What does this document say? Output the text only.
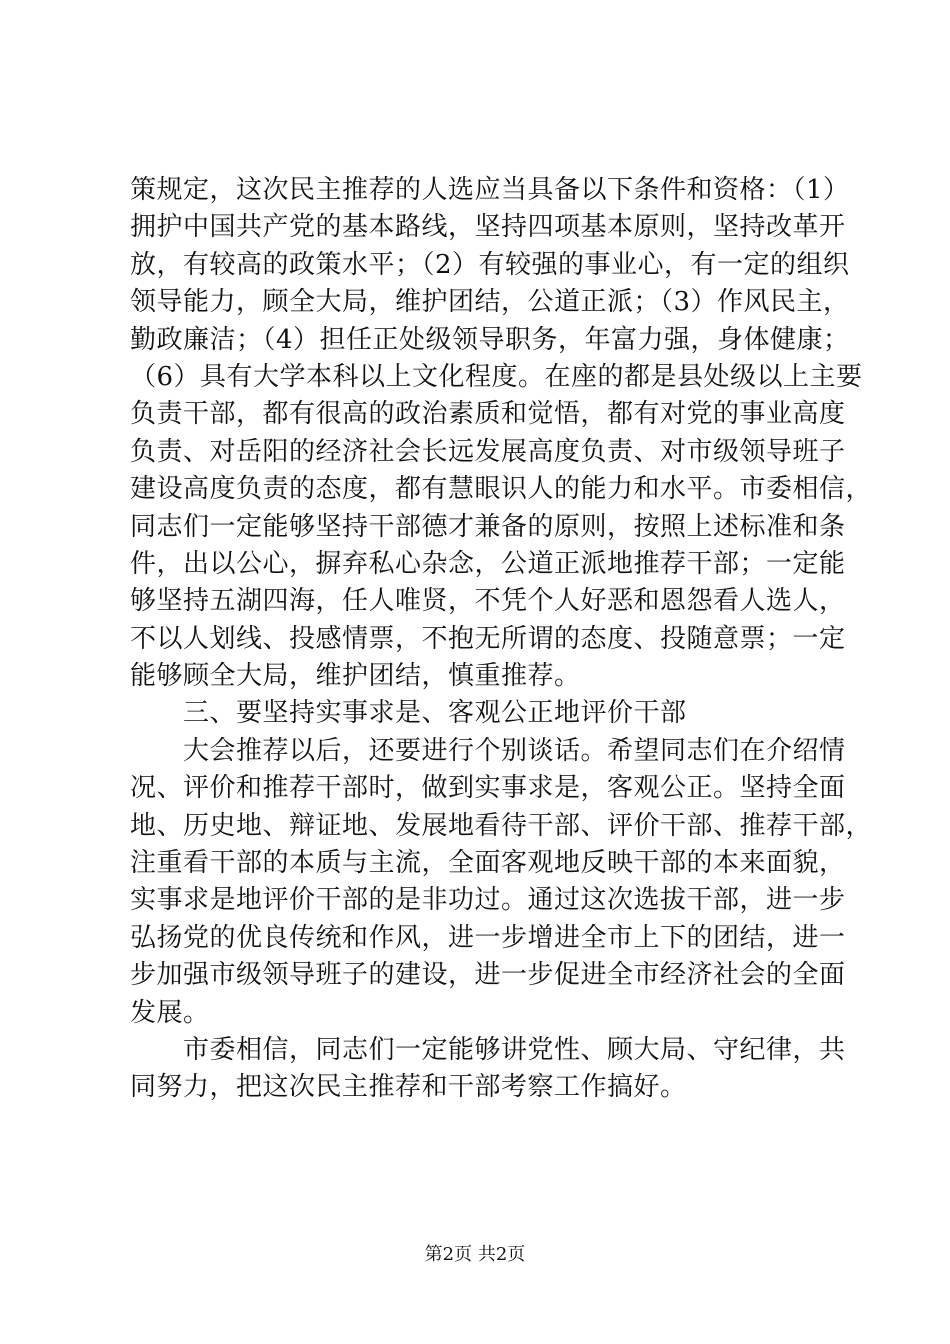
策规定，这次民主推荐的人选应当具备以下条件和资格：（1）
拥护中国共产党的基本路线，坚持四项基本原则，坚持改革开
放，有较高的政策水平；（2）有较强的事业心，有一定的组织
领导能力，顾全大局，维护团结，公道正派；（3）作风民主，
勤政廉洁；（4）担任正处级领导职务，年富力强，身体健康；
（6）具有大学本科以上文化程度。在座的都是县处级以上主要
负责干部，都有很高的政治素质和觉悟，都有对党的事业高度
负责、对岳阳的经济社会长远发展高度负责、对市级领导班子
建设高度负责的态度，都有慧眼识人的能力和水平。市委相信，
同志们一定能够坚持干部德才兼备的原则，按照上述标准和条
件，出以公心，摒弃私心杂念，公道正派地推荐干部；一定能
够坚持五湖四海，任人唯贤，不凭个人好恶和恩怨看人选人，
不以人划线、投感情票，不抱无所谓的态度、投随意票；一定
能够顾全大局，维护团结，慎重推荐。
　　三、要坚持实事求是、客观公正地评价干部
　　大会推荐以后，还要进行个别谈话。希望同志们在介绍情
况、评价和推荐干部时，做到实事求是，客观公正。坚持全面
地、历史地、辩证地、发展地看待干部、评价干部、推荐干部，
注重看干部的本质与主流，全面客观地反映干部的本来面貌，
实事求是地评价干部的是非功过。通过这次选拔干部，进一步
弘扬党的优良传统和作风，进一步增进全市上下的团结，进一
步加强市级领导班子的建设，进一步促进全市经济社会的全面
发展。
　　市委相信，同志们一定能够讲党性、顾大局、守纪律，共
同努力，把这次民主推荐和干部考察工作搞好。
第2页 共2页
